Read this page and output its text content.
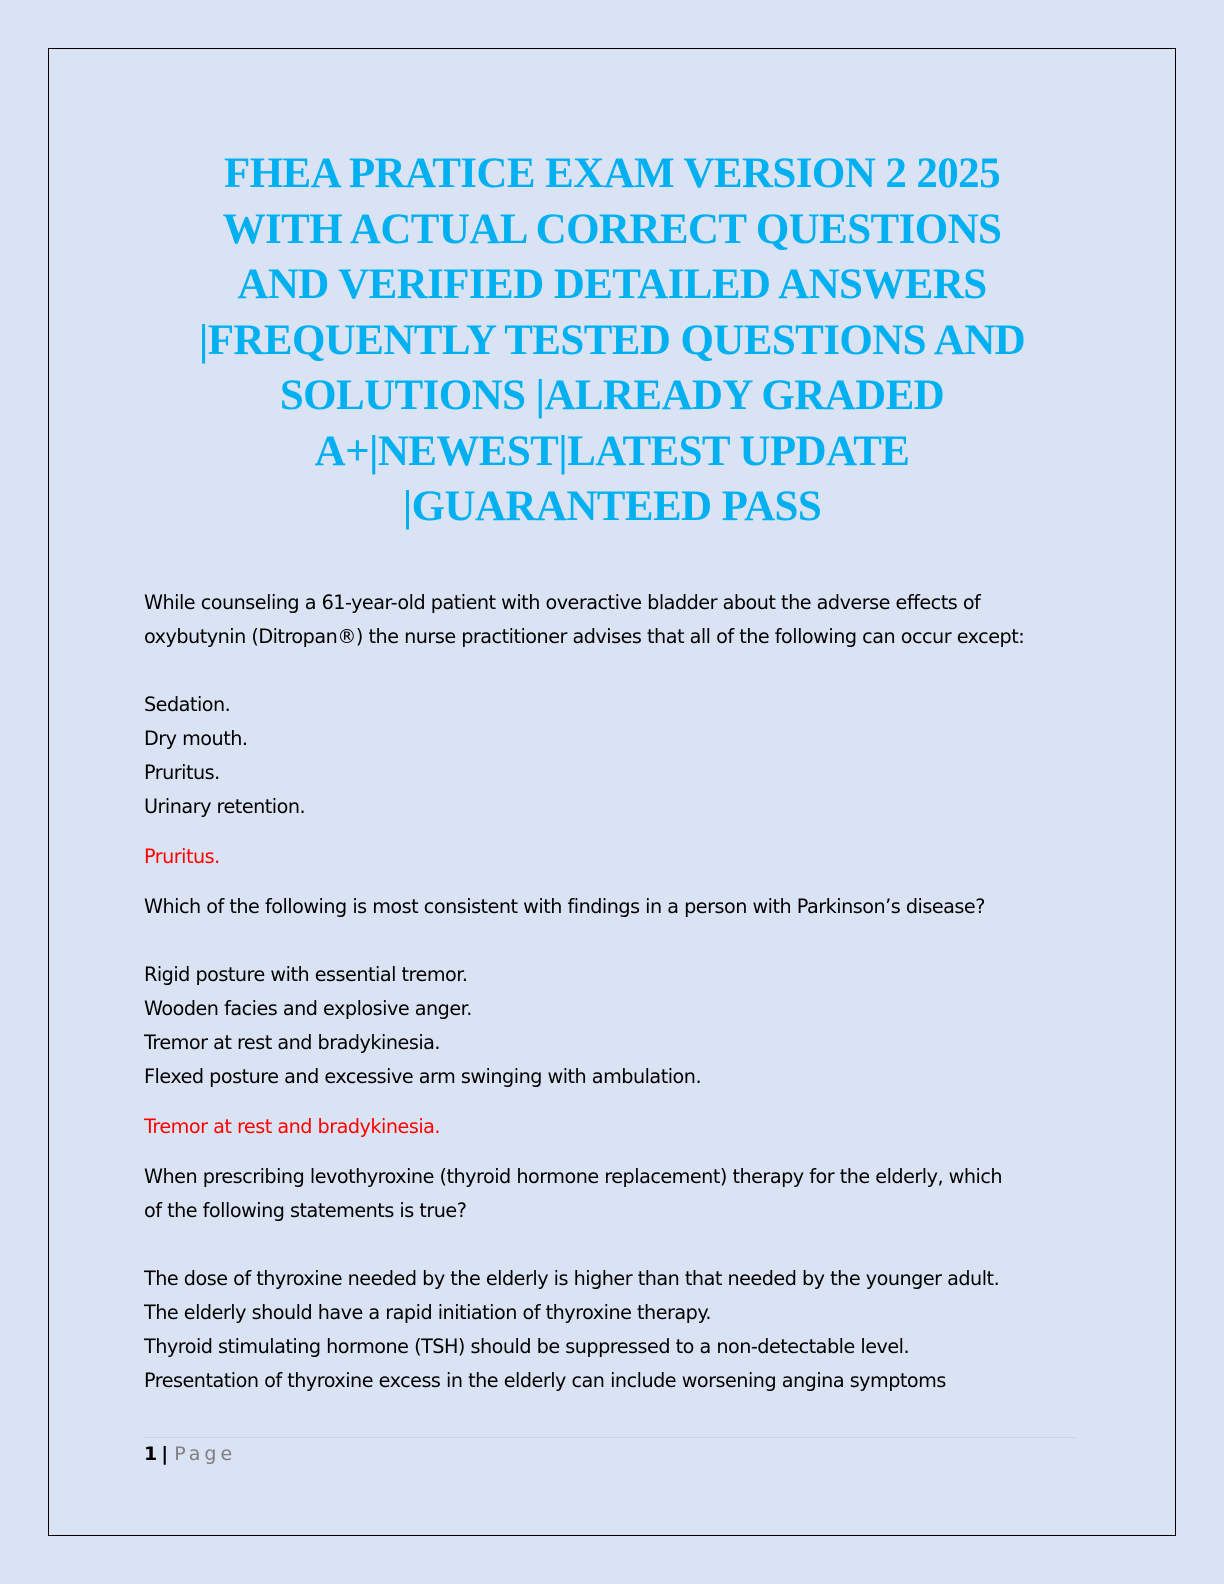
FHEA PRATICE EXAM VERSION 2 2025
WITH ACTUAL CORRECT QUESTIONS
AND VERIFIED DETAILED ANSWERS
|FREQUENTLY TESTED QUESTIONS AND
SOLUTIONS |ALREADY GRADED
A+|NEWEST|LATEST UPDATE
|GUARANTEED PASS

While counseling a 61-year-old patient with overactive bladder about the adverse effects of
oxybutynin (Ditropan®) the nurse practitioner advises that all of the following can occur except:

Sedation.
Dry mouth.
Pruritus.
Urinary retention.

Pruritus.

Which of the following is most consistent with findings in a person with Parkinson’s disease?

Rigid posture with essential tremor.
Wooden facies and explosive anger.
Tremor at rest and bradykinesia.
Flexed posture and excessive arm swinging with ambulation.

Tremor at rest and bradykinesia.

When prescribing levothyroxine (thyroid hormone replacement) therapy for the elderly, which
of the following statements is true?

The dose of thyroxine needed by the elderly is higher than that needed by the younger adult.
The elderly should have a rapid initiation of thyroxine therapy.
Thyroid stimulating hormone (TSH) should be suppressed to a non-detectable level.
Presentation of thyroxine excess in the elderly can include worsening angina symptoms
1 | Page
